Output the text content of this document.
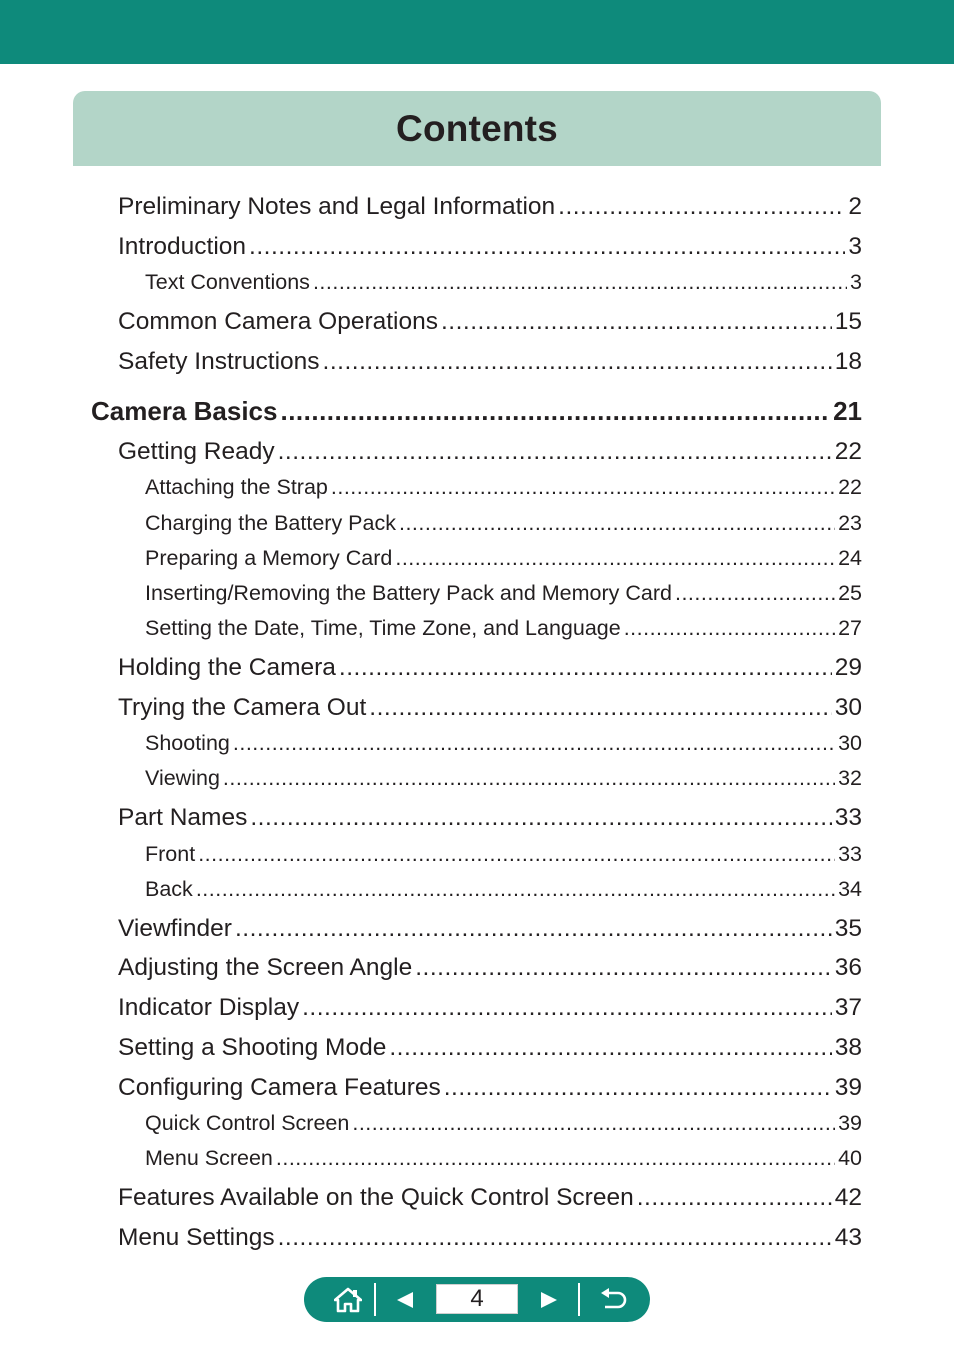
Contents
Preliminary Notes and Legal Information .....	2
Introduction .....	3
Text Conventions .....	3
Common Camera Operations .....	15
Safety Instructions .....	18
Camera Basics .....	21
Getting Ready .....	22
Attaching the Strap .....	22
Charging the Battery Pack .....	23
Preparing a Memory Card .....	24
Inserting/Removing the Battery Pack and Memory Card .....	25
Setting the Date, Time, Time Zone, and Language .....	27
Holding the Camera .....	29
Trying the Camera Out .....	30
Shooting .....	30
Viewing .....	32
Part Names .....	33
Front .....	33
Back .....	34
Viewfinder .....	35
Adjusting the Screen Angle .....	36
Indicator Display .....	37
Setting a Shooting Mode .....	38
Configuring Camera Features .....	39
Quick Control Screen .....	39
Menu Screen .....	40
Features Available on the Quick Control Screen .....	42
Menu Settings .....	43
4
